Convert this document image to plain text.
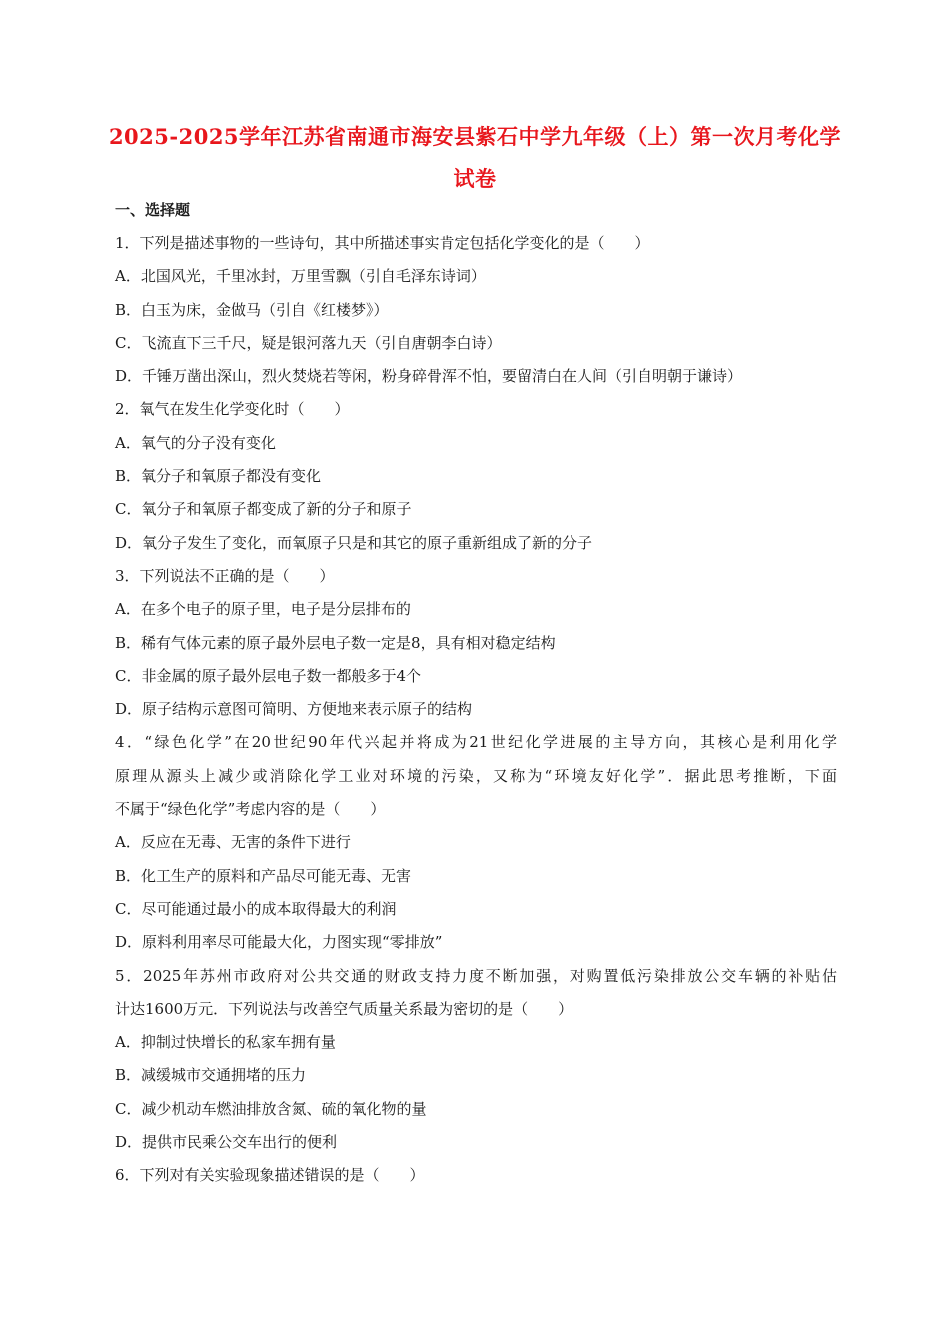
2025-2025学年江苏省南通市海安县紫石中学九年级（上）第一次月考化学试卷
一、选择题
1．下列是描述事物的一些诗句，其中所描述事实肯定包括化学变化的是（　　）
A．北国风光，千里冰封，万里雪飘（引自毛泽东诗词）
B．白玉为床，金做马（引自《红楼梦》）
C．飞流直下三千尺，疑是银河落九天（引自唐朝李白诗）
D．千锤万凿出深山，烈火焚烧若等闲，粉身碎骨浑不怕，要留清白在人间（引自明朝于谦诗）
2．氧气在发生化学变化时（　　）
A．氧气的分子没有变化
B．氧分子和氧原子都没有变化
C．氧分子和氧原子都变成了新的分子和原子
D．氧分子发生了变化，而氧原子只是和其它的原子重新组成了新的分子
3．下列说法不正确的是（　　）
A．在多个电子的原子里，电子是分层排布的
B．稀有气体元素的原子最外层电子数一定是8，具有相对稳定结构
C．非金属的原子最外层电子数一都般多于4个
D．原子结构示意图可简明、方便地来表示原子的结构
4．“绿色化学”在20世纪90年代兴起并将成为21世纪化学进展的主导方向，其核心是利用化学
原理从源头上减少或消除化学工业对环境的污染，又称为“环境友好化学”．据此思考推断，下面
不属于“绿色化学”考虑内容的是（　　）
A．反应在无毒、无害的条件下进行
B．化工生产的原料和产品尽可能无毒、无害
C．尽可能通过最小的成本取得最大的利润
D．原料利用率尽可能最大化，力图实现“零排放”
5．2025年苏州市政府对公共交通的财政支持力度不断加强，对购置低污染排放公交车辆的补贴估
计达1600万元．下列说法与改善空气质量关系最为密切的是（　　）
A．抑制过快增长的私家车拥有量
B．减缓城市交通拥堵的压力
C．减少机动车燃油排放含氮、硫的氧化物的量
D．提供市民乘公交车出行的便利
6．下列对有关实验现象描述错误的是（　　）
